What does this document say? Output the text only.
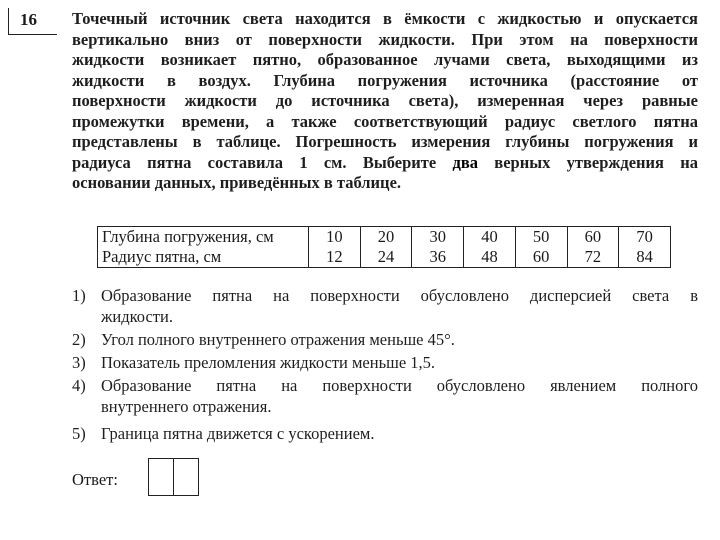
16 Точечный источник света находится в ёмкости с жидкостью и опускается
вертикально вниз от поверхности жидкости. При этом на поверхности
жидкости возникает пятно, образованное лучами света, выходящими из
жидкости в воздух. Глубина погружения источника (расстояние от
поверхности жидкости до источника света), измеренная через равные
промежутки времени, а также соответствующий радиус светлого пятна
представлены в таблице. Погрешность измерения глубины погружения и
радиуса пятна составила 1 см. Выберите два верных утверждения на
основании данных, приведённых в таблице.
Глубина погружения, см	10	20	30	40	50	60	70
Радиус пятна, см	12	24	36	48	60	72	84
1) Образование пятна на поверхности обусловлено дисперсией света в
жидкости.
2) Угол полного внутреннего отражения меньше 45°.
3) Показатель преломления жидкости меньше 1,5.
4) Образование пятна на поверхности обусловлено явлением полного
внутреннего отражения.
5) Граница пятна движется с ускорением.
Ответ:
